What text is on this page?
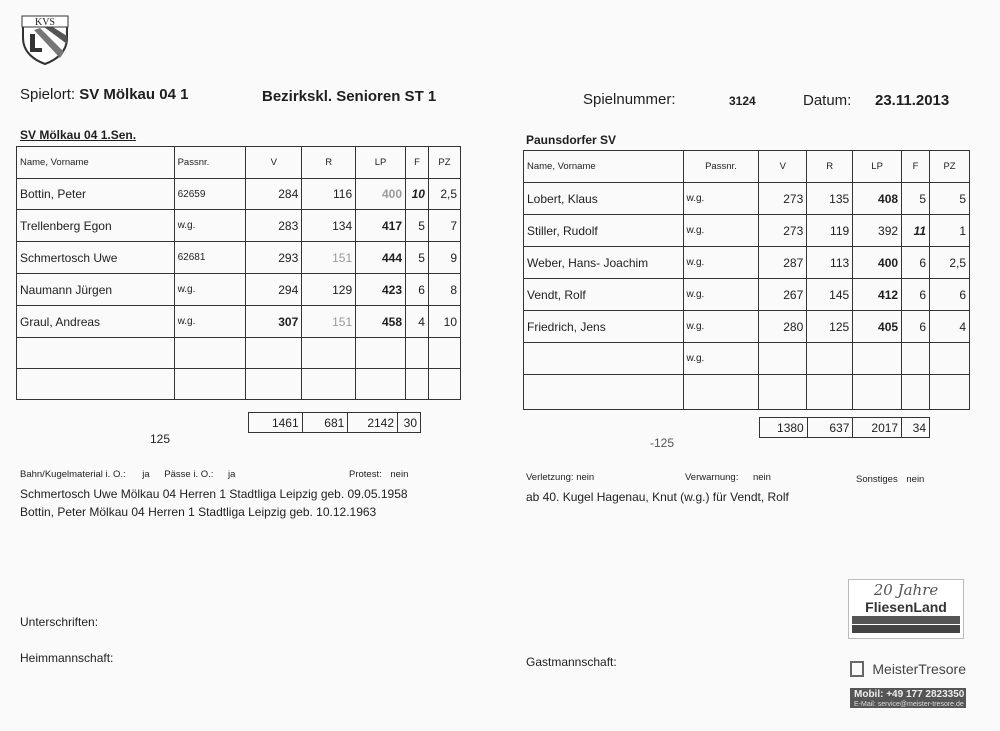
KVS
Spielort: SV Mölkau 04 1	Bezirkskl. Senioren ST 1	Spielnummer:	3124	Datum: 23.11.2013
SV Mölkau 04 1.Sen.
Name, Vorname	Passnr.	V	R	LP	F	PZ
Bottin, Peter	62659	284	116	400	10	2,5
Trellenberg Egon	w.g.	283	134	417	5	7
Schmertosch Uwe	62681	293	151	444	5	9
Naumann Jürgen	w.g.	294	129	423	6	8
Graul, Andreas	w.g.	307	151	458	4	10

1461	681	2142	30
125
Paunsdorfer SV
Name, Vorname	Passnr.	V	R	LP	F	PZ
Lobert, Klaus	w.g.	273	135	408	5	5
Stiller, Rudolf	w.g.	273	119	392	11	1
Weber, Hans- Joachim	w.g.	287	113	400	6	2,5
Vendt, Rolf	w.g.	267	145	412	6	6
Friedrich, Jens	w.g.	280	125	405	6	4
	w.g.					

1380	637	2017	34
-125
Bahn/Kugelmaterial i. O.: ja Pässe i. O.: ja	Protest: nein
Schmertosch Uwe Mölkau 04 Herren 1 Stadtliga Leipzig geb. 09.05.1958
Bottin, Peter Mölkau 04 Herren 1 Stadtliga Leipzig geb. 10.12.1963
Verletzung: nein	Verwarnung: nein	Sonstiges nein
ab 40. Kugel Hagenau, Knut (w.g.) für Vendt, Rolf
Unterschriften:
Heimmannschaft:	Gastmannschaft:
20 Jahre
FliesenLand
MeisterTresore
Mobil: +49 177 2823350
E-Mail: service@meister-tresore.de
